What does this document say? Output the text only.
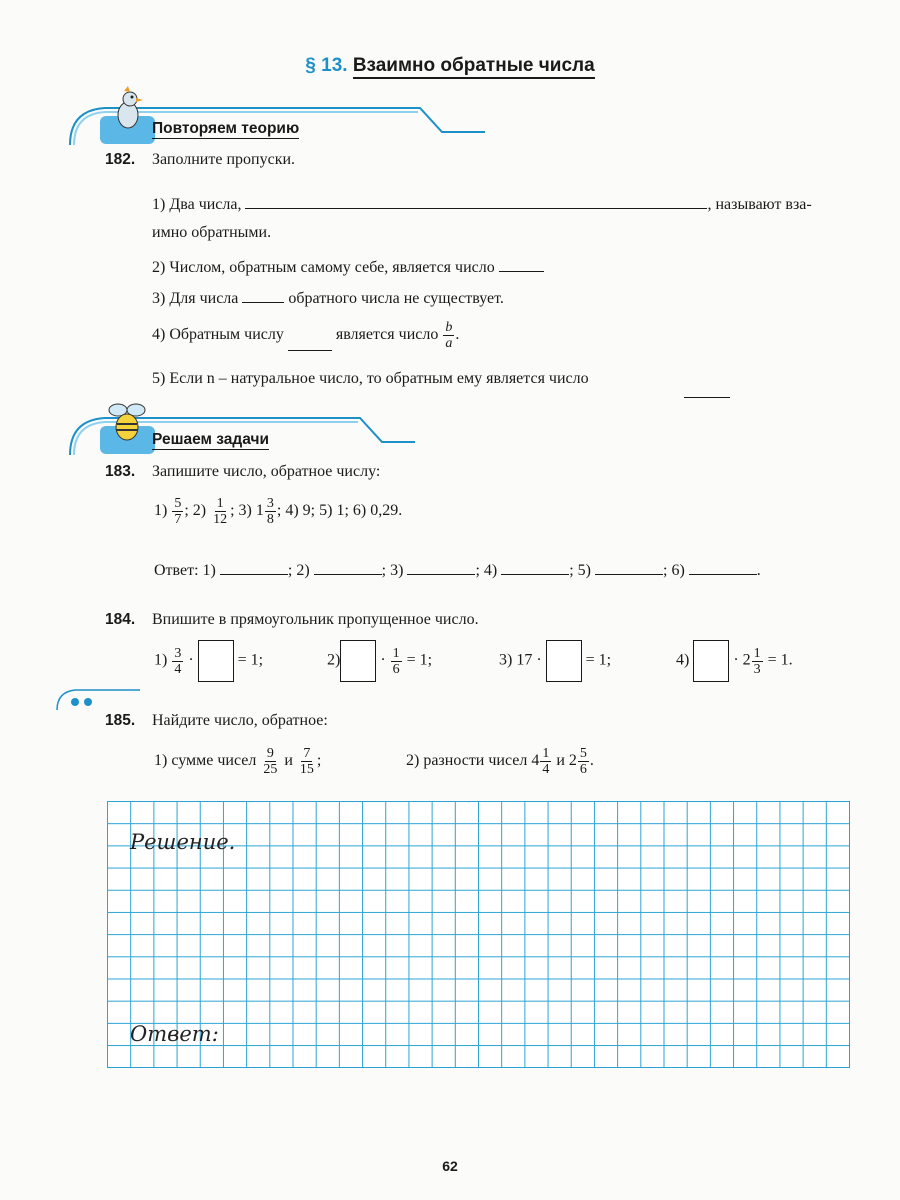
§ 13. Взаимно обратные числа
Повторяем теорию
182. Заполните пропуски.
1) Два числа,	, называют вза-
имно обратными.
2) Числом, обратным самому себе, является число
3) Для числа	обратного числа не существует.
4) Обратным числу	является число $\frac{b}{a}$ .
5) Если n – натуральное число, то обратным ему является число
Решаем задачи
183. Запишите число, обратное числу:
$1) \frac{5}{7}$ ; $2) \frac{1}{12}$ ; 3) $1 \frac{3}{8}$ ; 4) 9; 5) 1; 6) 0,29.
Ответ: 1)	; 2)	; 3)	; 4)	; 5)	; 6)	.
184. Впишите в прямоугольник пропущенное число.
$1) \frac{3}{4}$ ·	= 1;	2)	· $\frac{1}{6} = 1$;	3) 17 ·	= 1;	4)	· $2 \frac{1}{3} = 1$.
185. Найдите число, обратное:
1) сумме чисел $\frac{9}{25}$ и $\frac{7}{15}$ ;	2) разности чисел $4 \frac{1}{4}$ и $2 \frac{5}{6}$ .
Решение.
Ответ:
62
